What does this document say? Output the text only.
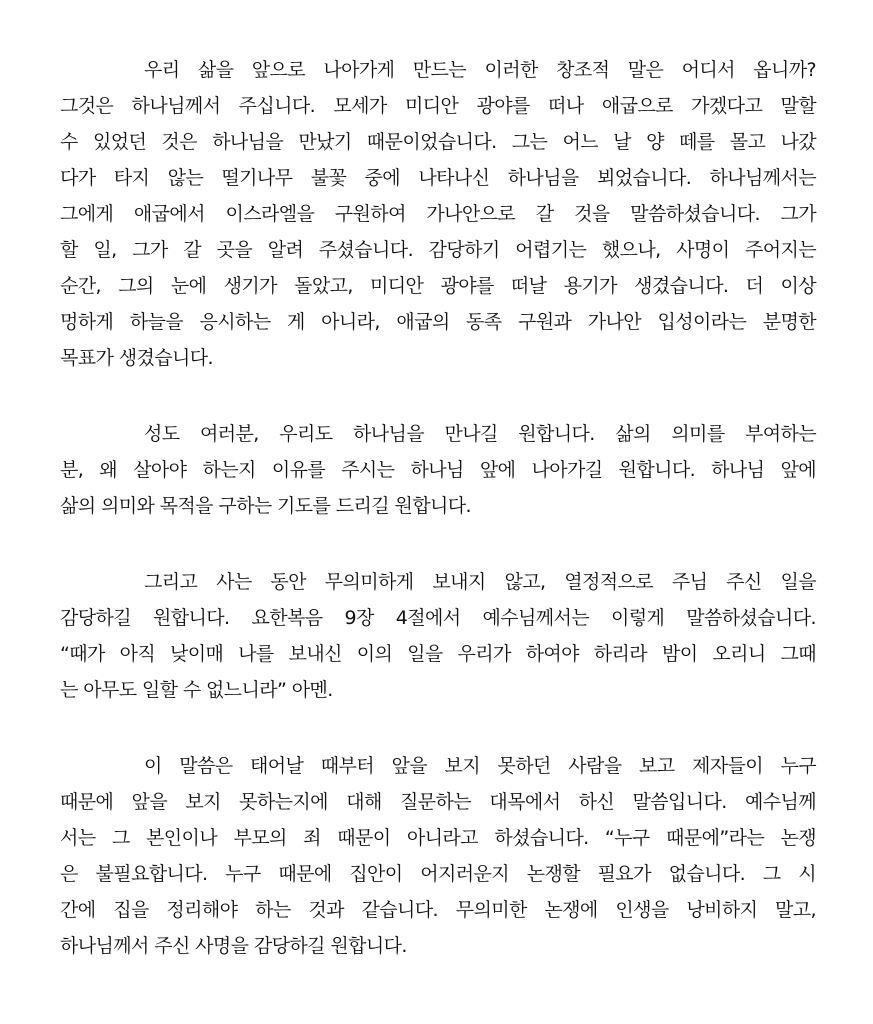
우리 삶을 앞으로 나아가게 만드는 이러한 창조적 말은 어디서 옵니까?
그것은 하나님께서 주십니다. 모세가 미디안 광야를 떠나 애굽으로 가겠다고 말할
수 있었던 것은 하나님을 만났기 때문이었습니다. 그는 어느 날 양 떼를 몰고 나갔
다가 타지 않는 떨기나무 불꽃 중에 나타나신 하나님을 뵈었습니다. 하나님께서는
그에게 애굽에서 이스라엘을 구원하여 가나안으로 갈 것을 말씀하셨습니다. 그가
할 일, 그가 갈 곳을 알려 주셨습니다. 감당하기 어렵기는 했으나, 사명이 주어지는
순간, 그의 눈에 생기가 돌았고, 미디안 광야를 떠날 용기가 생겼습니다. 더 이상
멍하게 하늘을 응시하는 게 아니라, 애굽의 동족 구원과 가나안 입성이라는 분명한
목표가 생겼습니다.
성도 여러분, 우리도 하나님을 만나길 원합니다. 삶의 의미를 부여하는
분, 왜 살아야 하는지 이유를 주시는 하나님 앞에 나아가길 원합니다. 하나님 앞에
삶의 의미와 목적을 구하는 기도를 드리길 원합니다.
그리고 사는 동안 무의미하게 보내지 않고, 열정적으로 주님 주신 일을
감당하길 원합니다. 요한복음 9장 4절에서 예수님께서는 이렇게 말씀하셨습니다.
“때가 아직 낮이매 나를 보내신 이의 일을 우리가 하여야 하리라 밤이 오리니 그때
는 아무도 일할 수 없느니라” 아멘.
이 말씀은 태어날 때부터 앞을 보지 못하던 사람을 보고 제자들이 누구
때문에 앞을 보지 못하는지에 대해 질문하는 대목에서 하신 말씀입니다. 예수님께
서는 그 본인이나 부모의 죄 때문이 아니라고 하셨습니다. “누구 때문에”라는 논쟁
은 불필요합니다. 누구 때문에 집안이 어지러운지 논쟁할 필요가 없습니다. 그 시
간에 집을 정리해야 하는 것과 같습니다. 무의미한 논쟁에 인생을 낭비하지 말고,
하나님께서 주신 사명을 감당하길 원합니다.
